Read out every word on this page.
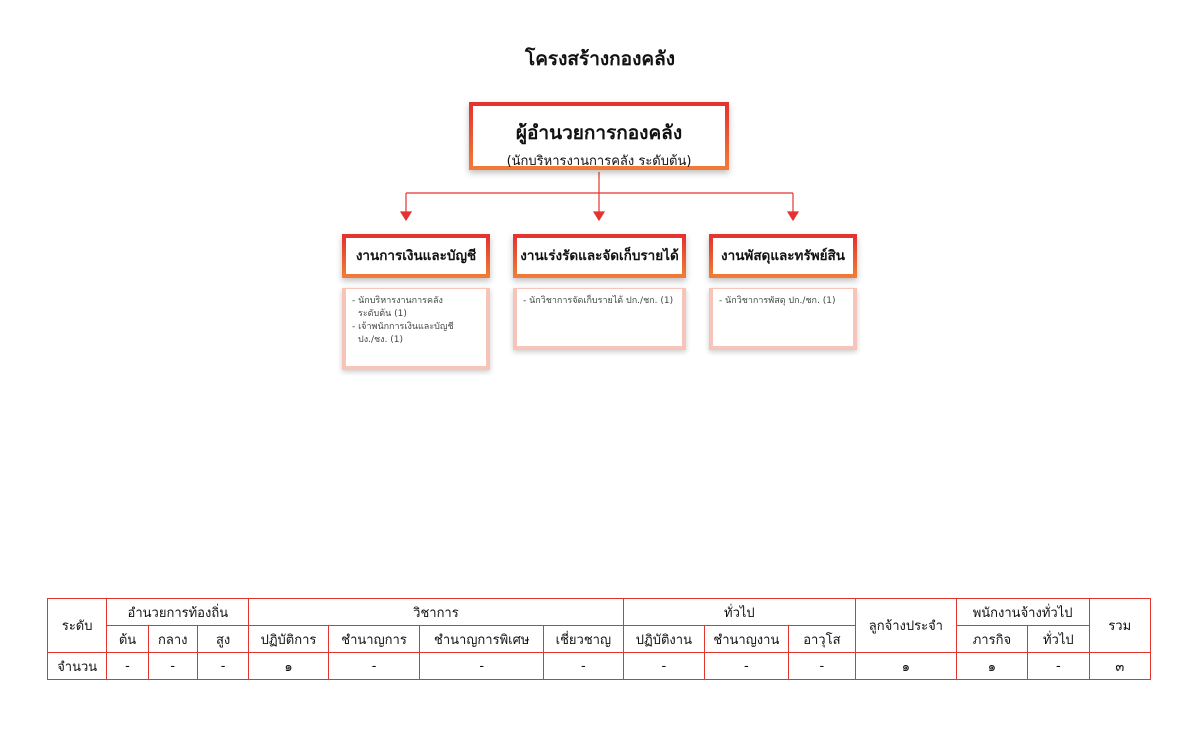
โครงสร้างกองคลัง
ผู้อำนวยการกองคลัง
(นักบริหารงานการคลัง ระดับต้น)
งานการเงินและบัญชี	งานเร่งรัดและจัดเก็บรายได้	งานพัสดุและทรัพย์สิน
- นักบริหารงานการคลัง
ระดับต้น (1)
- เจ้าพนักการเงินและบัญชี
ปง./ชง. (1)
- นักวิชาการจัดเก็บรายได้ ปก./ชก. (1)	- นักวิชาการพัสดุ ปก./ชก. (1)
ระดับ	อำนวยการท้องถิ่น			วิชาการ				ทั่วไป			ลูกจ้างประจำ	พนักงานจ้างทั่วไป		รวม
	ต้น	กลาง	สูง	ปฏิบัติการ	ชำนาญการ	ชำนาญการพิเศษ	เชี่ยวชาญ	ปฏิบัติงาน	ชำนาญงาน	อาวุโส		ภารกิจ	ทั่วไป	
จำนวน	-	-	-	๑	-	-	-	-	-	-	๑	๑	-	๓
